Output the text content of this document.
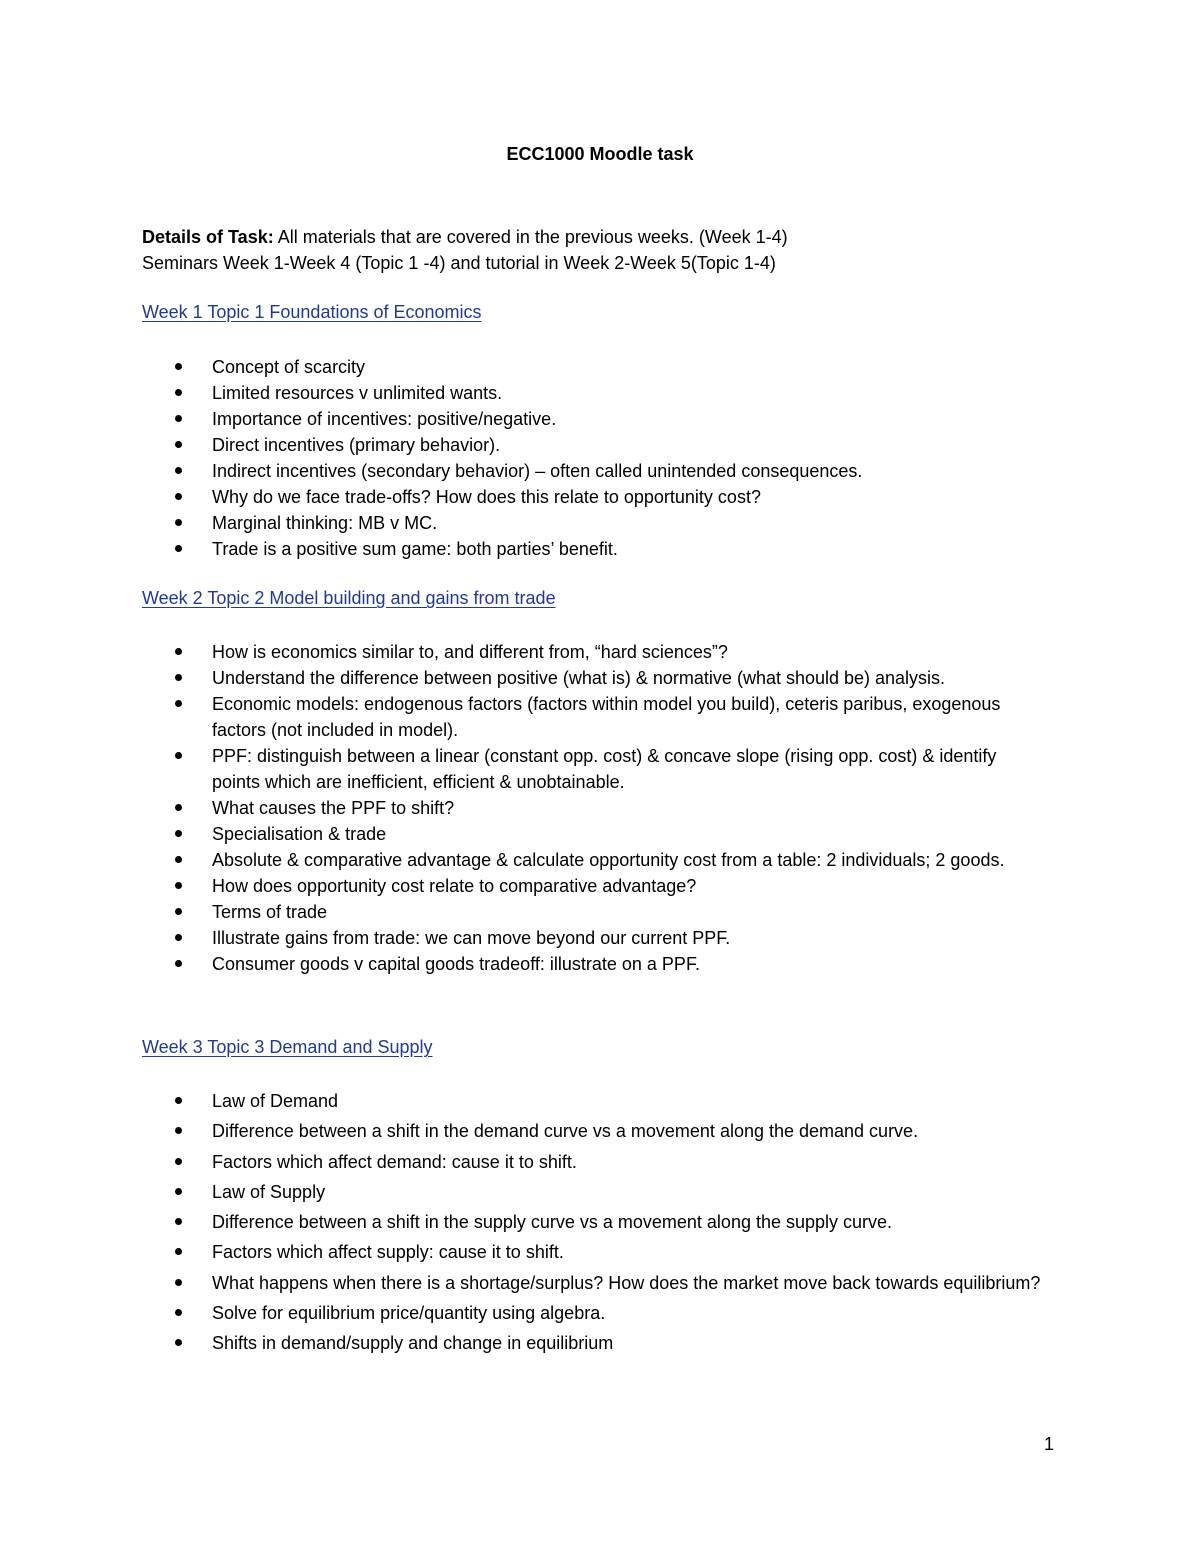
ECC1000 Moodle task
Details of Task: All materials that are covered in the previous weeks. (Week 1-4)
Seminars Week 1-Week 4 (Topic 1 -4) and tutorial in Week 2-Week 5(Topic 1-4)
Week 1 Topic 1 Foundations of Economics
Concept of scarcity
Limited resources v unlimited wants.
Importance of incentives: positive/negative.
Direct incentives (primary behavior).
Indirect incentives (secondary behavior) – often called unintended consequences.
Why do we face trade-offs? How does this relate to opportunity cost?
Marginal thinking: MB v MC.
Trade is a positive sum game: both parties’ benefit.
Week 2 Topic 2 Model building and gains from trade
How is economics similar to, and different from, “hard sciences”?
Understand the difference between positive (what is) & normative (what should be) analysis.
Economic models: endogenous factors (factors within model you build), ceteris paribus, exogenous factors (not included in model).
PPF: distinguish between a linear (constant opp. cost) & concave slope (rising opp. cost) & identify points which are inefficient, efficient & unobtainable.
What causes the PPF to shift?
Specialisation & trade
Absolute & comparative advantage & calculate opportunity cost from a table: 2 individuals; 2 goods.
How does opportunity cost relate to comparative advantage?
Terms of trade
Illustrate gains from trade: we can move beyond our current PPF.
Consumer goods v capital goods tradeoff: illustrate on a PPF.
Week 3 Topic 3 Demand and Supply
Law of Demand
Difference between a shift in the demand curve vs a movement along the demand curve.
Factors which affect demand: cause it to shift.
Law of Supply
Difference between a shift in the supply curve vs a movement along the supply curve.
Factors which affect supply: cause it to shift.
What happens when there is a shortage/surplus? How does the market move back towards equilibrium?
Solve for equilibrium price/quantity using algebra.
Shifts in demand/supply and change in equilibrium
1
